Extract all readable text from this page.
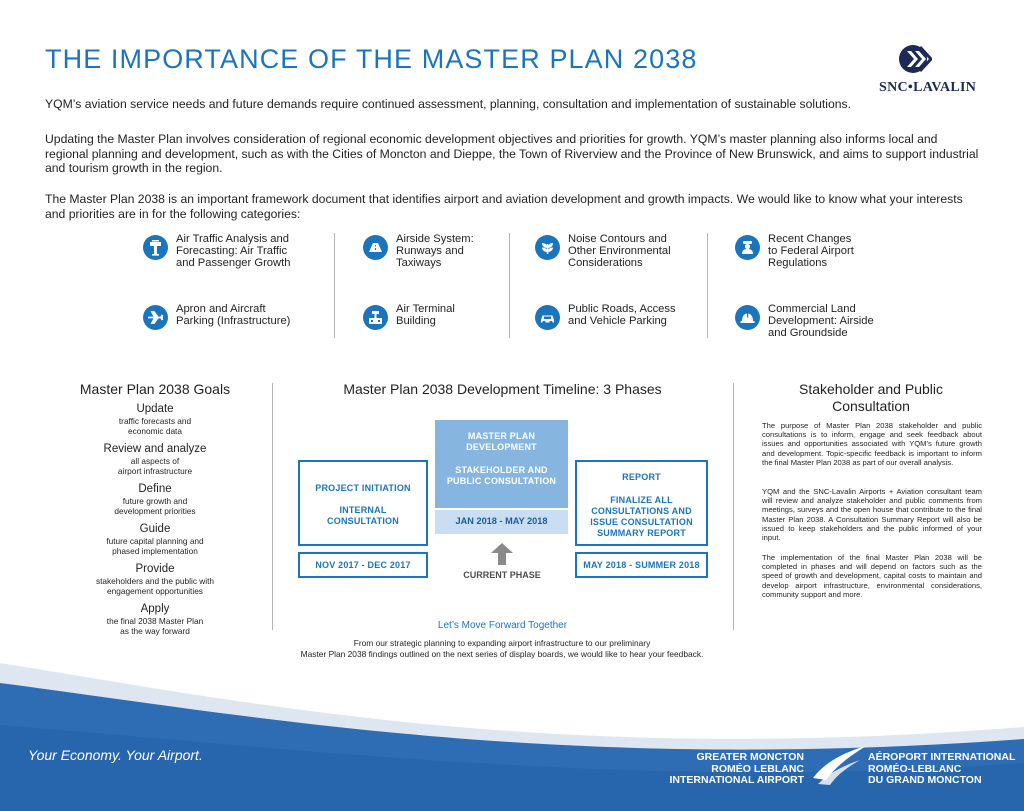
THE IMPORTANCE OF THE MASTER PLAN 2038
SNC•LAVALIN

YQM’s aviation service needs and future demands require continued assessment, planning, consultation and implementation of sustainable solutions.

Updating the Master Plan involves consideration of regional economic development objectives and priorities for growth. YQM’s master planning also informs local and regional planning and development, such as with the Cities of Moncton and Dieppe, the Town of Riverview and the Province of New Brunswick, and aims to support industrial and tourism growth in the region.

The Master Plan 2038 is an important framework document that identifies airport and aviation development and growth impacts. We would like to know what your interests and priorities are in for the following categories:

Air Traffic Analysis and
Forecasting: Air Traffic
and Passenger Growth
Airside System:
Runways and
Taxiways
Noise Contours and
Other Environmental
Considerations
Recent Changes
to Federal Airport
Regulations
Apron and Aircraft
Parking (Infrastructure)
Air Terminal
Building
Public Roads, Access
and Vehicle Parking
Commercial Land
Development: Airside
and Groundside
Master Plan 2038 Goals
Update
traffic forecasts and
economic data
Review and analyze
all aspects of
airport infrastructure
Define
future growth and
development priorities
Guide
future capital planning and
phased implementation
Provide
stakeholders and the public with
engagement opportunities
Apply
the final 2038 Master Plan
as the way forward
Master Plan 2038 Development Timeline: 3 Phases
PROJECT INITIATION
INTERNAL
CONSULTATION
NOV 2017 - DEC 2017
MASTER PLAN
DEVELOPMENT
STAKEHOLDER AND
PUBLIC CONSULTATION
JAN 2018 - MAY 2018
CURRENT PHASE
REPORT
FINALIZE ALL
CONSULTATIONS AND
ISSUE CONSULTATION
SUMMARY REPORT
MAY 2018 - SUMMER 2018
Let’s Move Forward Together
From our strategic planning to expanding airport infrastructure to our preliminary
Master Plan 2038 findings outlined on the next series of display boards, we would like to hear your feedback.
Stakeholder and Public
Consultation

The purpose of Master Plan 2038 stakeholder and public consultations is to inform, engage and seek feedback about issues and opportunities associated with YQM’s future growth and development. Topic-specific feedback is important to inform the final Master Plan 2038 as part of our overall analysis.

YQM and the SNC-Lavalin Airports + Aviation consultant team will review and analyze stakeholder and public comments from meetings, surveys and the open house that contribute to the final Master Plan 2038. A Consultation Summary Report will also be issued to keep stakeholders and the public informed of your input.

The implementation of the final Master Plan 2038 will be completed in phases and will depend on factors such as the speed of growth and development, capital costs to maintain and develop airport infrastructure, environmental considerations, community support and more.

Your Economy. Your Airport.	GREATER MONCTON
ROMÉO LEBLANC
INTERNATIONAL AIRPORT
AÉROPORT INTERNATIONAL
ROMÉO-LEBLANC
DU GRAND MONCTON
